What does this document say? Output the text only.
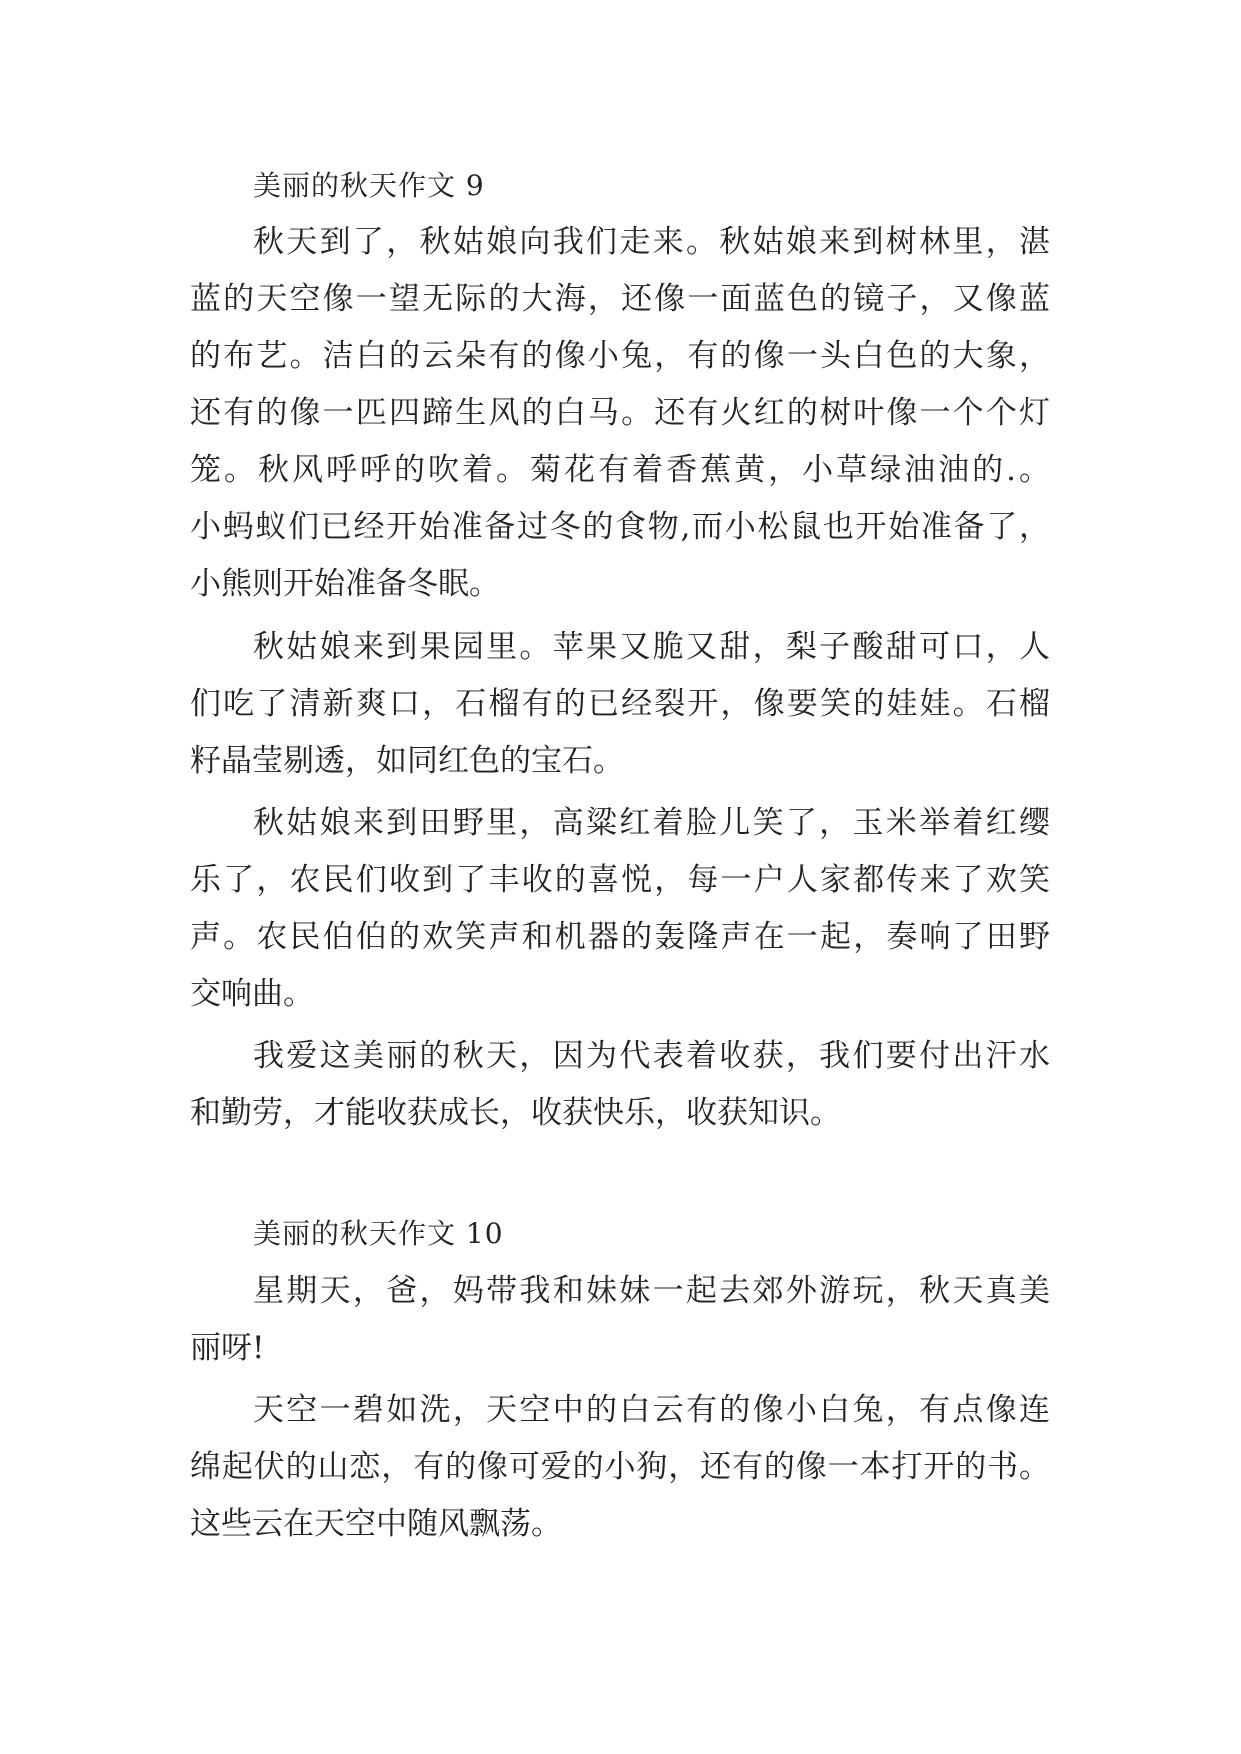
美丽的秋天作文 9
秋天到了，秋姑娘向我们走来。秋姑娘来到树林里，湛
蓝的天空像一望无际的大海，还像一面蓝色的镜子，又像蓝
的布艺。洁白的云朵有的像小兔，有的像一头白色的大象，
还有的像一匹四蹄生风的白马。还有火红的树叶像一个个灯
笼。秋风呼呼的吹着。菊花有着香蕉黄，小草绿油油的.。
小蚂蚁们已经开始准备过冬的食物,而小松鼠也开始准备了，
小熊则开始准备冬眠。
秋姑娘来到果园里。苹果又脆又甜，梨子酸甜可口，人
们吃了清新爽口，石榴有的已经裂开，像要笑的娃娃。石榴
籽晶莹剔透，如同红色的宝石。
秋姑娘来到田野里，高粱红着脸儿笑了，玉米举着红缨
乐了，农民们收到了丰收的喜悦，每一户人家都传来了欢笑
声。农民伯伯的欢笑声和机器的轰隆声在一起，奏响了田野
交响曲。
我爱这美丽的秋天，因为代表着收获，我们要付出汗水
和勤劳，才能收获成长，收获快乐，收获知识。
美丽的秋天作文 10
星期天，爸，妈带我和妹妹一起去郊外游玩，秋天真美
丽呀!
天空一碧如洗，天空中的白云有的像小白兔，有点像连
绵起伏的山恋，有的像可爱的小狗，还有的像一本打开的书。
这些云在天空中随风飘荡。
